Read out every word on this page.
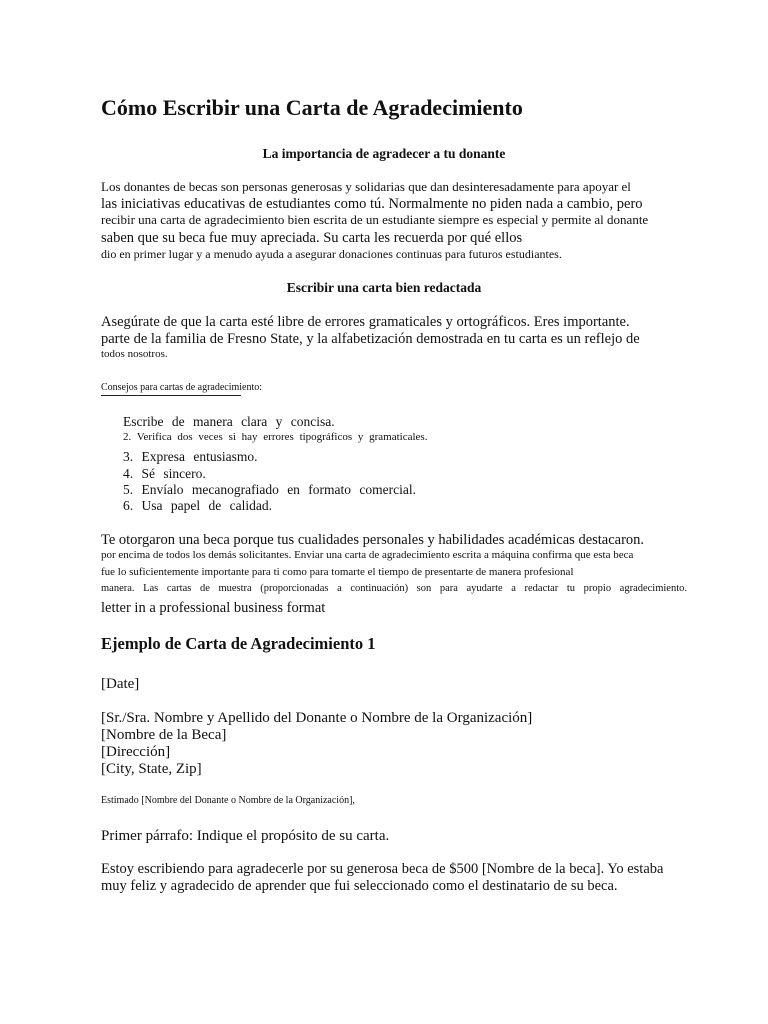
Cómo Escribir una Carta de Agradecimiento

La importancia de agradecer a tu donante

Los donantes de becas son personas generosas y solidarias que dan desinteresadamente para apoyar el

las iniciativas educativas de estudiantes como tú. Normalmente no piden nada a cambio, pero

recibir una carta de agradecimiento bien escrita de un estudiante siempre es especial y permite al donante

saben que su beca fue muy apreciada. Su carta les recuerda por qué ellos

dio en primer lugar y a menudo ayuda a asegurar donaciones continuas para futuros estudiantes.

Escribir una carta bien redactada

Asegúrate de que la carta esté libre de errores gramaticales y ortográficos. Eres importante.

parte de la familia de Fresno State, y la alfabetización demostrada en tu carta es un reflejo de

todos nosotros.

Consejos para cartas de agradecimiento:

Escribe de manera clara y concisa.

2. Verifica dos veces si hay errores tipográficos y gramaticales.

3. Expresa entusiasmo.

4. Sé sincero.

5. Envíalo mecanografiado en formato comercial.

6. Usa papel de calidad.

Te otorgaron una beca porque tus cualidades personales y habilidades académicas destacaron.

por encima de todos los demás solicitantes. Enviar una carta de agradecimiento escrita a máquina confirma que esta beca

fue lo suficientemente importante para ti como para tomarte el tiempo de presentarte de manera profesional

manera. Las cartas de muestra (proporcionadas a continuación) son para ayudarte a redactar tu propio agradecimiento.

letter in a professional business format

Ejemplo de Carta de Agradecimiento 1

[Date]

[Sr./Sra. Nombre y Apellido del Donante o Nombre de la Organización]

[Nombre de la Beca]

[Dirección]

[City, State, Zip]

Estimado [Nombre del Donante o Nombre de la Organización],

Primer párrafo: Indique el propósito de su carta.

Estoy escribiendo para agradecerle por su generosa beca de $500 [Nombre de la beca]. Yo estaba

muy feliz y agradecido de aprender que fui seleccionado como el destinatario de su beca.
